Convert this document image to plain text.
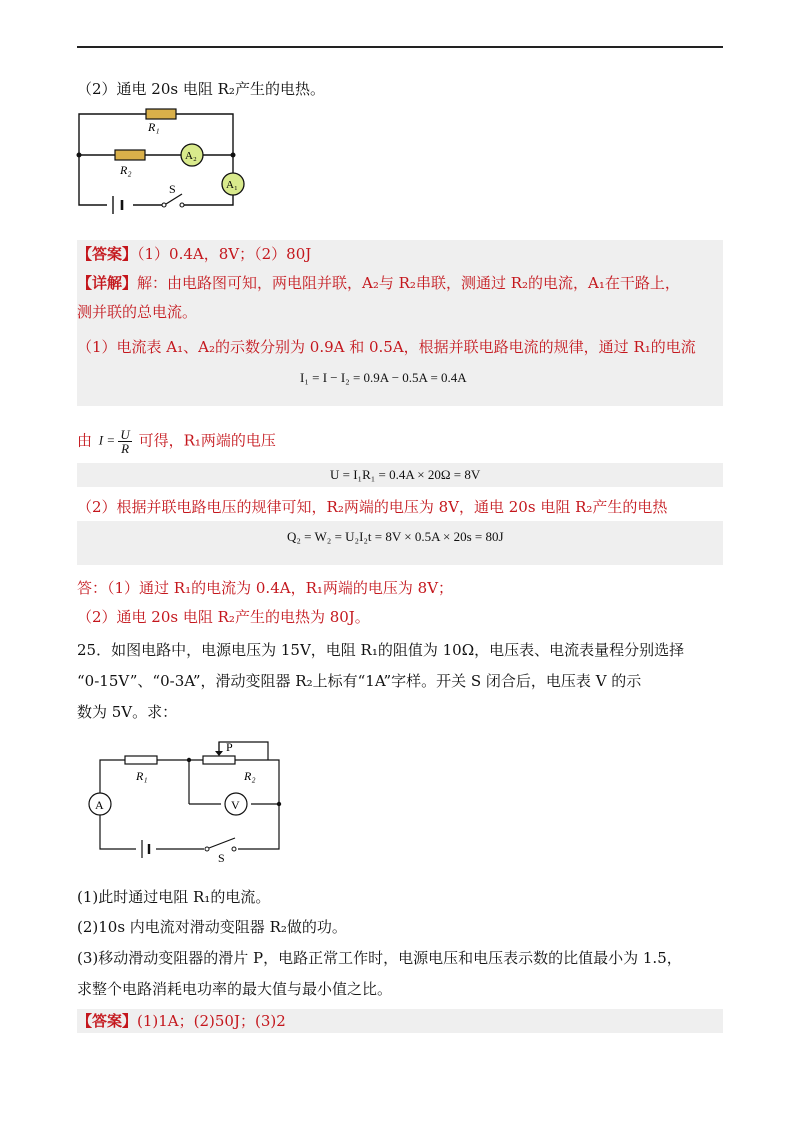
（2）通电 20s 电阻 R₂产生的电热。
R₁
R₂
A₂
A₁
S
【答案】（1）0.4A，8V；（2）80J
【详解】解：由电路图可知，两电阻并联，A₂与 R₂串联，测通过 R₂的电流，A₁在干路上，
测并联的总电流。
（1）电流表 A₁、A₂的示数分别为 0.9A 和 0.5A，根据并联电路电流的规律，通过 R₁的电流
I₁ = I − I₂ = 0.9A − 0.5A = 0.4A
由 $I = \frac{U}{R}$ 可得，R₁两端的电压
U = I₁R₁ = 0.4A × 20Ω = 8V
（2）根据并联电路电压的规律可知，R₂两端的电压为 8V，通电 20s 电阻 R₂产生的电热
Q₂ = W₂ = U₂I₂t = 8V × 0.5A × 20s = 80J
答：（1）通过 R₁的电流为 0.4A，R₁两端的电压为 8V；
（2）通电 20s 电阻 R₂产生的电热为 80J。
25．如图电路中，电源电压为 15V，电阻 R₁的阻值为 10Ω，电压表、电流表量程分别选择
“0-15V”、“0-3A”，滑动变阻器 R₂上标有“1A”字样。开关 S 闭合后，电压表 V 的示
数为 5V。求：
P
R₁	R₂
A	V
S
(1)此时通过电阻 R₁的电流。
(2)10s 内电流对滑动变阻器 R₂做的功。
(3)移动滑动变阻器的滑片 P，电路正常工作时，电源电压和电压表示数的比值最小为 1.5，
求整个电路消耗电功率的最大值与最小值之比。
【答案】(1)1A；(2)50J；(3)2
